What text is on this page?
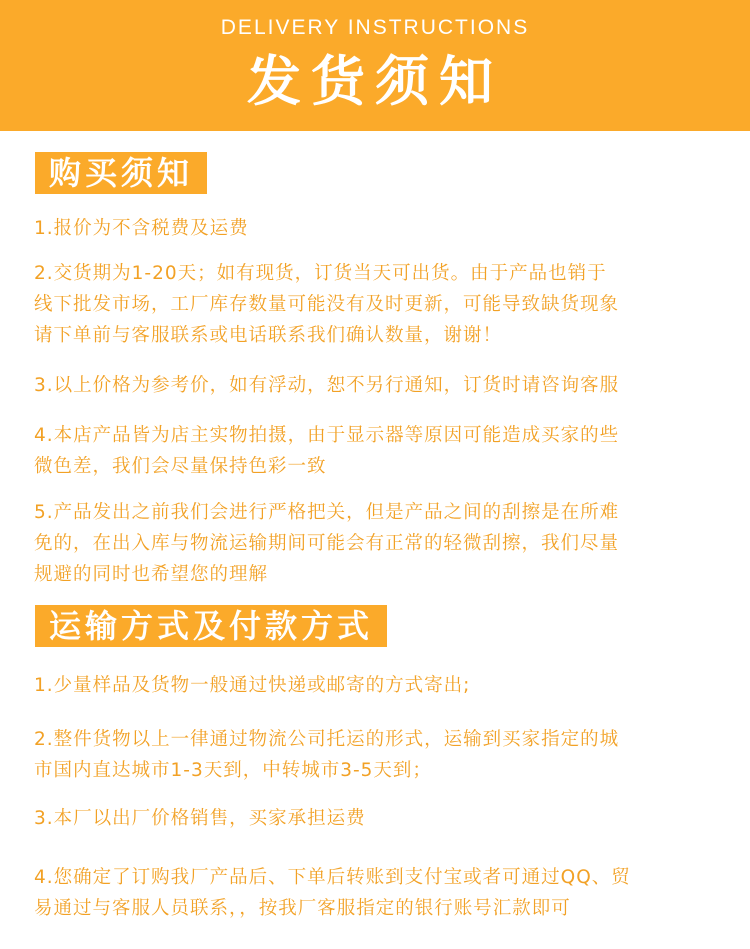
DELIVERY INSTRUCTIONS
发货须知
购买须知
1.报价为不含税费及运费
2.交货期为1-20天；如有现货，订货当天可出货。由于产品也销于
线下批发市场，工厂库存数量可能没有及时更新，可能导致缺货现象
请下单前与客服联系或电话联系我们确认数量，谢谢！
3.以上价格为参考价，如有浮动，恕不另行通知，订货时请咨询客服
4.本店产品皆为店主实物拍摄，由于显示器等原因可能造成买家的些
微色差，我们会尽量保持色彩一致
5.产品发出之前我们会进行严格把关，但是产品之间的刮擦是在所难
免的，在出入库与物流运输期间可能会有正常的轻微刮擦，我们尽量
规避的同时也希望您的理解
运输方式及付款方式
1.少量样品及货物一般通过快递或邮寄的方式寄出;
2.整件货物以上一律通过物流公司托运的形式，运输到买家指定的城
市国内直达城市1-3天到，中转城市3-5天到；
3.本厂以出厂价格销售，买家承担运费
4.您确定了订购我厂产品后、下单后转账到支付宝或者可通过QQ、贸
易通过与客服人员联系，，按我厂客服指定的银行账号汇款即可
